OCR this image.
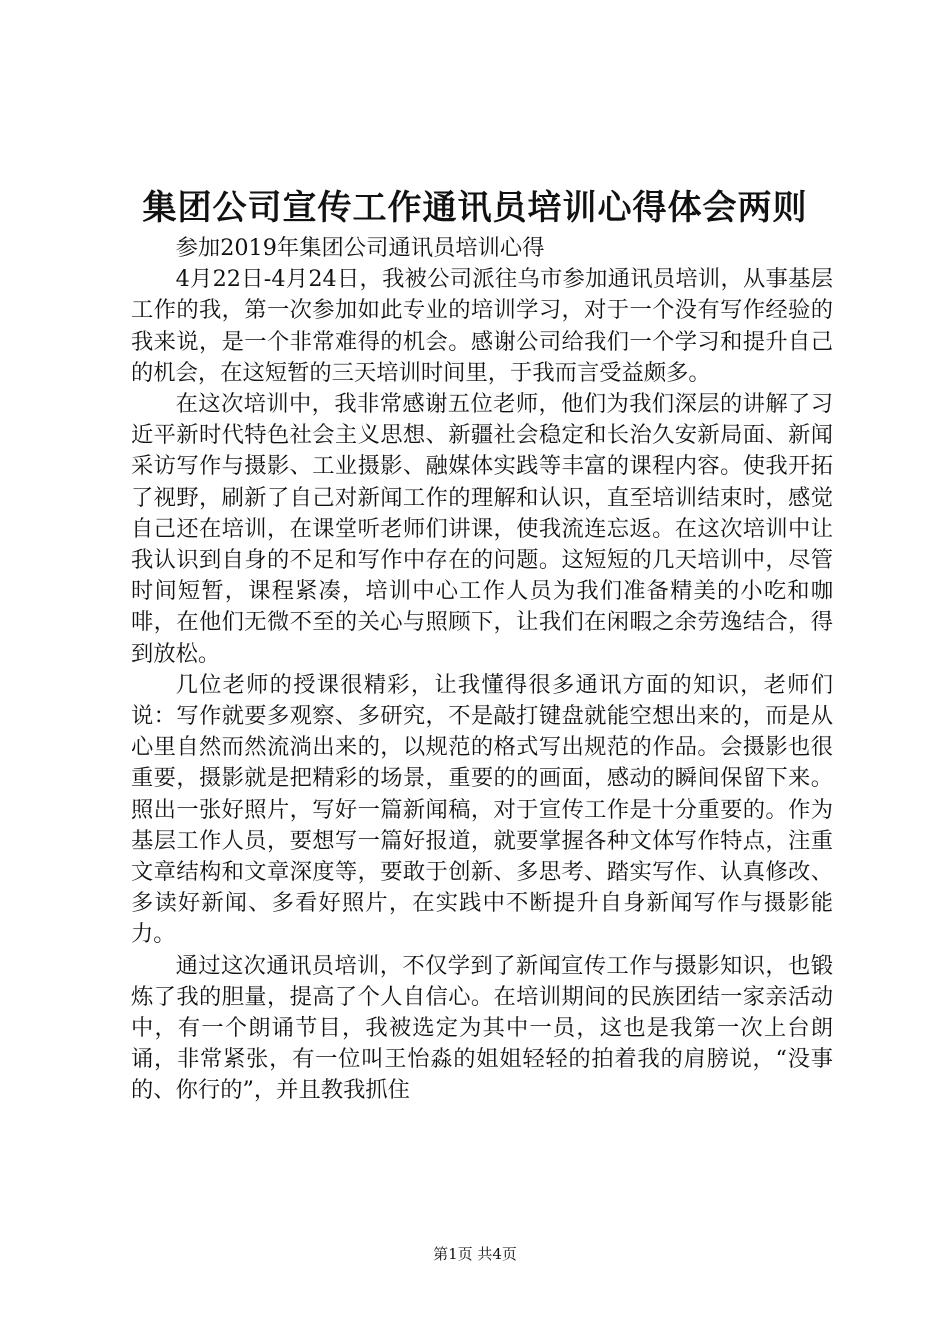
集团公司宣传工作通讯员培训心得体会两则

参加2019年集团公司通讯员培训心得

4月22日-4月24日，我被公司派往乌市参加通讯员培训，从事基层工作的我，第一次参加如此专业的培训学习，对于一个没有写作经验的我来说，是一个非常难得的机会。感谢公司给我们一个学习和提升自己的机会，在这短暂的三天培训时间里，于我而言受益颇多。

在这次培训中，我非常感谢五位老师，他们为我们深层的讲解了习近平新时代特色社会主义思想、新疆社会稳定和长治久安新局面、新闻采访写作与摄影、工业摄影、融媒体实践等丰富的课程内容。使我开拓了视野，刷新了自己对新闻工作的理解和认识，直至培训结束时，感觉自己还在培训，在课堂听老师们讲课，使我流连忘返。在这次培训中让我认识到自身的不足和写作中存在的问题。这短短的几天培训中，尽管时间短暂，课程紧凑，培训中心工作人员为我们准备精美的小吃和咖啡，在他们无微不至的关心与照顾下，让我们在闲暇之余劳逸结合，得到放松。

几位老师的授课很精彩，让我懂得很多通讯方面的知识，老师们说：写作就要多观察、多研究，不是敲打键盘就能空想出来的，而是从心里自然而然流淌出来的，以规范的格式写出规范的作品。会摄影也很重要，摄影就是把精彩的场景，重要的的画面，感动的瞬间保留下来。照出一张好照片，写好一篇新闻稿，对于宣传工作是十分重要的。作为基层工作人员，要想写一篇好报道，就要掌握各种文体写作特点，注重文章结构和文章深度等，要敢于创新、多思考、踏实写作、认真修改、多读好新闻、多看好照片，在实践中不断提升自身新闻写作与摄影能力。

通过这次通讯员培训，不仅学到了新闻宣传工作与摄影知识，也锻炼了我的胆量，提高了个人自信心。在培训期间的民族团结一家亲活动中，有一个朗诵节目，我被选定为其中一员，这也是我第一次上台朗诵，非常紧张，有一位叫王怡淼的姐姐轻轻的拍着我的肩膀说，“没事的、你行的”，并且教我抓住

第1页 共4页
